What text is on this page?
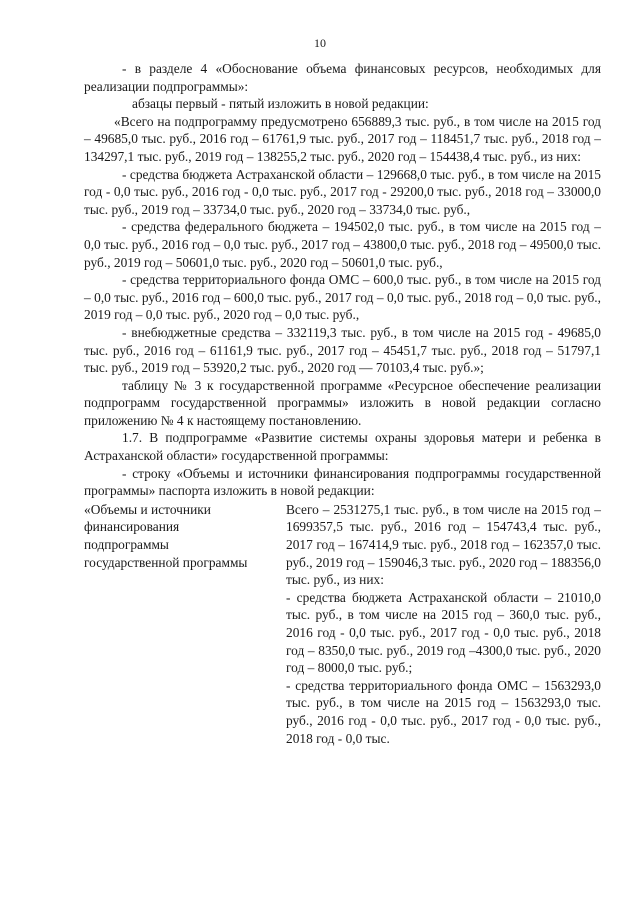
10

- в разделе 4 «Обоснование объема финансовых ресурсов, необходимых для реализации подпрограммы»:

абзацы первый - пятый изложить в новой редакции:

«Всего на подпрограмму предусмотрено 656889,3 тыс. руб., в том числе на 2015 год – 49685,0 тыс. руб., 2016 год – 61761,9 тыс. руб., 2017 год – 118451,7 тыс. руб., 2018 год – 134297,1 тыс. руб., 2019 год – 138255,2 тыс. руб., 2020 год – 154438,4 тыс. руб., из них:

- средства бюджета Астраханской области – 129668,0 тыс. руб., в том числе на 2015 год - 0,0 тыс. руб., 2016 год - 0,0 тыс. руб., 2017 год - 29200,0 тыс. руб., 2018 год – 33000,0 тыс. руб., 2019 год – 33734,0 тыс. руб., 2020 год – 33734,0 тыс. руб.,

- средства федерального бюджета – 194502,0 тыс. руб., в том числе на 2015 год – 0,0 тыс. руб., 2016 год – 0,0 тыс. руб., 2017 год – 43800,0 тыс. руб., 2018 год – 49500,0 тыс. руб., 2019 год – 50601,0 тыс. руб., 2020 год – 50601,0 тыс. руб.,

- средства территориального фонда ОМС – 600,0 тыс. руб., в том числе на 2015 год – 0,0 тыс. руб., 2016 год – 600,0 тыс. руб., 2017 год – 0,0 тыс. руб., 2018 год – 0,0 тыс. руб., 2019 год – 0,0 тыс. руб., 2020 год – 0,0 тыс. руб.,

- внебюджетные средства – 332119,3 тыс. руб., в том числе на 2015 год - 49685,0 тыс. руб., 2016 год – 61161,9 тыс. руб., 2017 год – 45451,7 тыс. руб., 2018 год – 51797,1 тыс. руб., 2019 год – 53920,2 тыс. руб., 2020 год — 70103,4 тыс. руб.»;

таблицу № 3 к государственной программе «Ресурсное обеспечение реализации подпрограмм государственной программы» изложить в новой редакции согласно приложению № 4 к настоящему постановлению.

1.7. В подпрограмме «Развитие системы охраны здоровья матери и ребенка в Астраханской области» государственной программы:

- строку «Объемы и источники финансирования подпрограммы государственной программы» паспорта изложить в новой редакции:

«Объемы и источники финансирования подпрограммы государственной программы

Всего – 2531275,1 тыс. руб., в том числе на 2015 год – 1699357,5 тыс. руб., 2016 год – 154743,4 тыс. руб., 2017 год – 167414,9 тыс. руб., 2018 год – 162357,0 тыс. руб., 2019 год – 159046,3 тыс. руб., 2020 год – 188356,0 тыс. руб., из них:

- средства бюджета Астраханской области – 21010,0 тыс. руб., в том числе на 2015 год – 360,0 тыс. руб., 2016 год - 0,0 тыс. руб., 2017 год - 0,0 тыс. руб., 2018 год – 8350,0 тыс. руб., 2019 год –4300,0 тыс. руб., 2020 год – 8000,0 тыс. руб.;

- средства территориального фонда ОМС – 1563293,0 тыс. руб., в том числе на 2015 год – 1563293,0 тыс. руб., 2016 год - 0,0 тыс. руб., 2017 год - 0,0 тыс. руб., 2018 год - 0,0 тыс.
